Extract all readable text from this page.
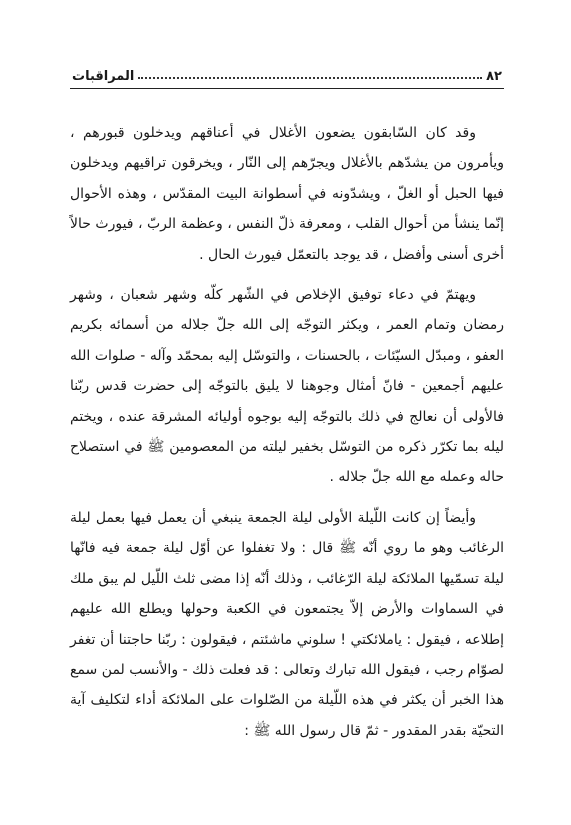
٨٢
المراقبات

وقد كان السّابقون يضعون الأغلال في أعناقهم ويدخلون قبورهم ، ويأمرون من يشدّهم بالأغلال ويجرّهم إلى النّار ، ويخرقون تراقيهم ويدخلون فيها الحبل أو الغلّ ، ويشدّونه في أسطوانة البيت المقدّس ، وهذه الأحوال إنّما ينشأ من أحوال القلب ، ومعرفة ذلّ النفس ، وعظمة الربّ ، فيورث حالاً أخرى أسنى وأفضل ، قد يوجد بالتعمّل فيورث الحال .

ويهتمّ في دعاء توفيق الإخلاص في الشّهر كلّه وشهر شعبان ، وشهر رمضان وتمام العمر ، ويكثر التوجّه إلى الله جلّ جلاله من أسمائه بكريم العفو ، ومبدّل السيّئات ، بالحسنات ، والتوسّل إليه بمحمّد وآله - صلوات الله عليهم أجمعين - فانّ أمثال وجوهنا لا يليق بالتوجّه إلى حضرت قدس ربّنا فالأولى أن نعالج في ذلك بالتوجّه إليه بوجوه أوليائه المشرقة عنده ، ويختم ليله بما تكرّر ذكره من التوسّل بخفير ليلته من المعصومين ﷺ في استصلاح حاله وعمله مع الله جلّ جلاله .

وأيضاً إن كانت اللّيلة الأولى ليلة الجمعة ينبغي أن يعمل فيها بعمل ليلة الرغائب وهو ما روي أنّه ﷺ قال : ولا تغفلوا عن أوّل ليلة جمعة فيه فانّها ليلة تسمّيها الملائكة ليلة الرّغائب ، وذلك أنّه إذا مضى ثلث اللّيل لم يبق ملك في السماوات والأرض إلاّ يجتمعون في الكعبة وحولها ويطلع الله عليهم إطلاعه ، فيقول : ياملائكتي ! سلوني ماشئتم ، فيقولون : ربّنا حاجتنا أن تغفر لصوّام رجب ، فيقول الله تبارك وتعالى : قد فعلت ذلك - والأنسب لمن سمع هذا الخبر أن يكثر في هذه اللّيلة من الصّلوات على الملائكة أداء لتكليف آية التحيّة بقدر المقدور - ثمّ قال رسول الله ﷺ :
